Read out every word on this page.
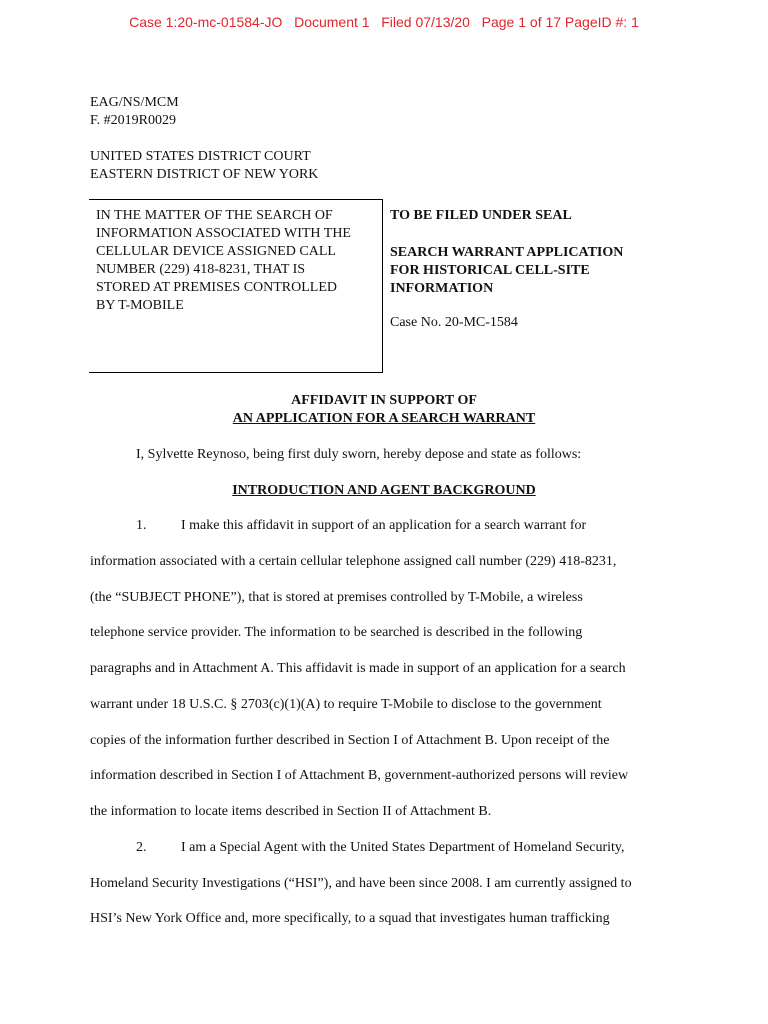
Case 1:20-mc-01584-JO Document 1 Filed 07/13/20 Page 1 of 17 PageID #: 1
EAG/NS/MCM
F. #2019R0029
UNITED STATES DISTRICT COURT
EASTERN DISTRICT OF NEW YORK
IN THE MATTER OF THE SEARCH OF
INFORMATION ASSOCIATED WITH THE
CELLULAR DEVICE ASSIGNED CALL
NUMBER (229) 418-8231, THAT IS
STORED AT PREMISES CONTROLLED
BY T-MOBILE
TO BE FILED UNDER SEAL
SEARCH WARRANT APPLICATION
FOR HISTORICAL CELL-SITE
INFORMATION
Case No. 20-MC-1584
AFFIDAVIT IN SUPPORT OF
AN APPLICATION FOR A SEARCH WARRANT
I, Sylvette Reynoso, being first duly sworn, hereby depose and state as follows:
INTRODUCTION AND AGENT BACKGROUND
1. I make this affidavit in support of an application for a search warrant for
information associated with a certain cellular telephone assigned call number (229) 418-8231,
(the “SUBJECT PHONE”), that is stored at premises controlled by T-Mobile, a wireless
telephone service provider. The information to be searched is described in the following
paragraphs and in Attachment A. This affidavit is made in support of an application for a search
warrant under 18 U.S.C. § 2703(c)(1)(A) to require T-Mobile to disclose to the government
copies of the information further described in Section I of Attachment B. Upon receipt of the
information described in Section I of Attachment B, government-authorized persons will review
the information to locate items described in Section II of Attachment B.
2. I am a Special Agent with the United States Department of Homeland Security,
Homeland Security Investigations (“HSI”), and have been since 2008. I am currently assigned to
HSI’s New York Office and, more specifically, to a squad that investigates human trafficking
